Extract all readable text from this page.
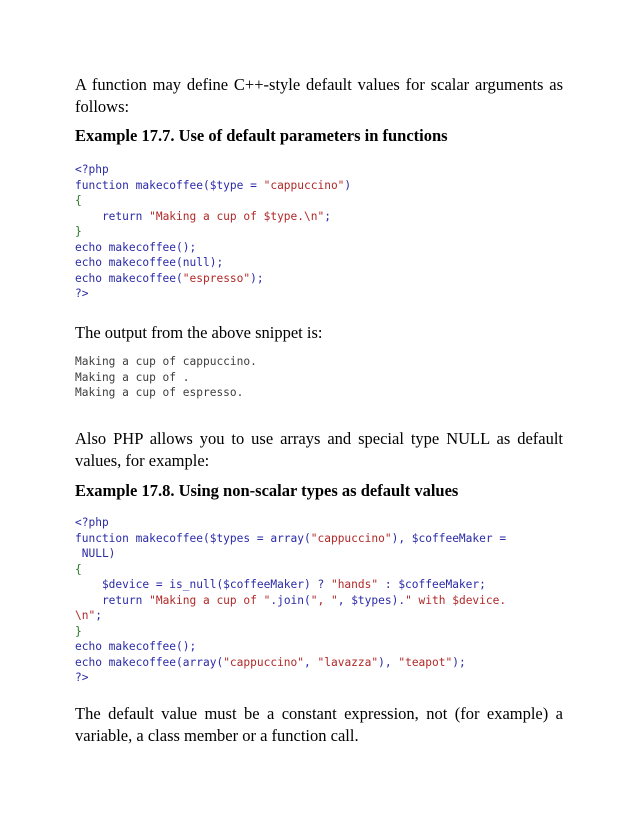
A function may define C++-style default values for scalar arguments as follows:

Example 17.7. Use of default parameters in functions

<?php
function makecoffee($type = "cappuccino")
{
return "Making a cup of $type.\n";
}
echo makecoffee();
echo makecoffee(null);
echo makecoffee("espresso");
?>

The output from the above snippet is:

Making a cup of cappuccino.
Making a cup of .
Making a cup of espresso.

Also PHP allows you to use arrays and special type NULL as default values, for example:

Example 17.8. Using non-scalar types as default values

<?php
function makecoffee($types = array("cappuccino"), $coffeeMaker =
NULL)
{
$device = is_null($coffeeMaker) ? "hands" : $coffeeMaker;
return "Making a cup of ".join(", ", $types)." with $device.
\n";
}
echo makecoffee();
echo makecoffee(array("cappuccino", "lavazza"), "teapot");
?>

The default value must be a constant expression, not (for example) a variable, a class member or a function call.
